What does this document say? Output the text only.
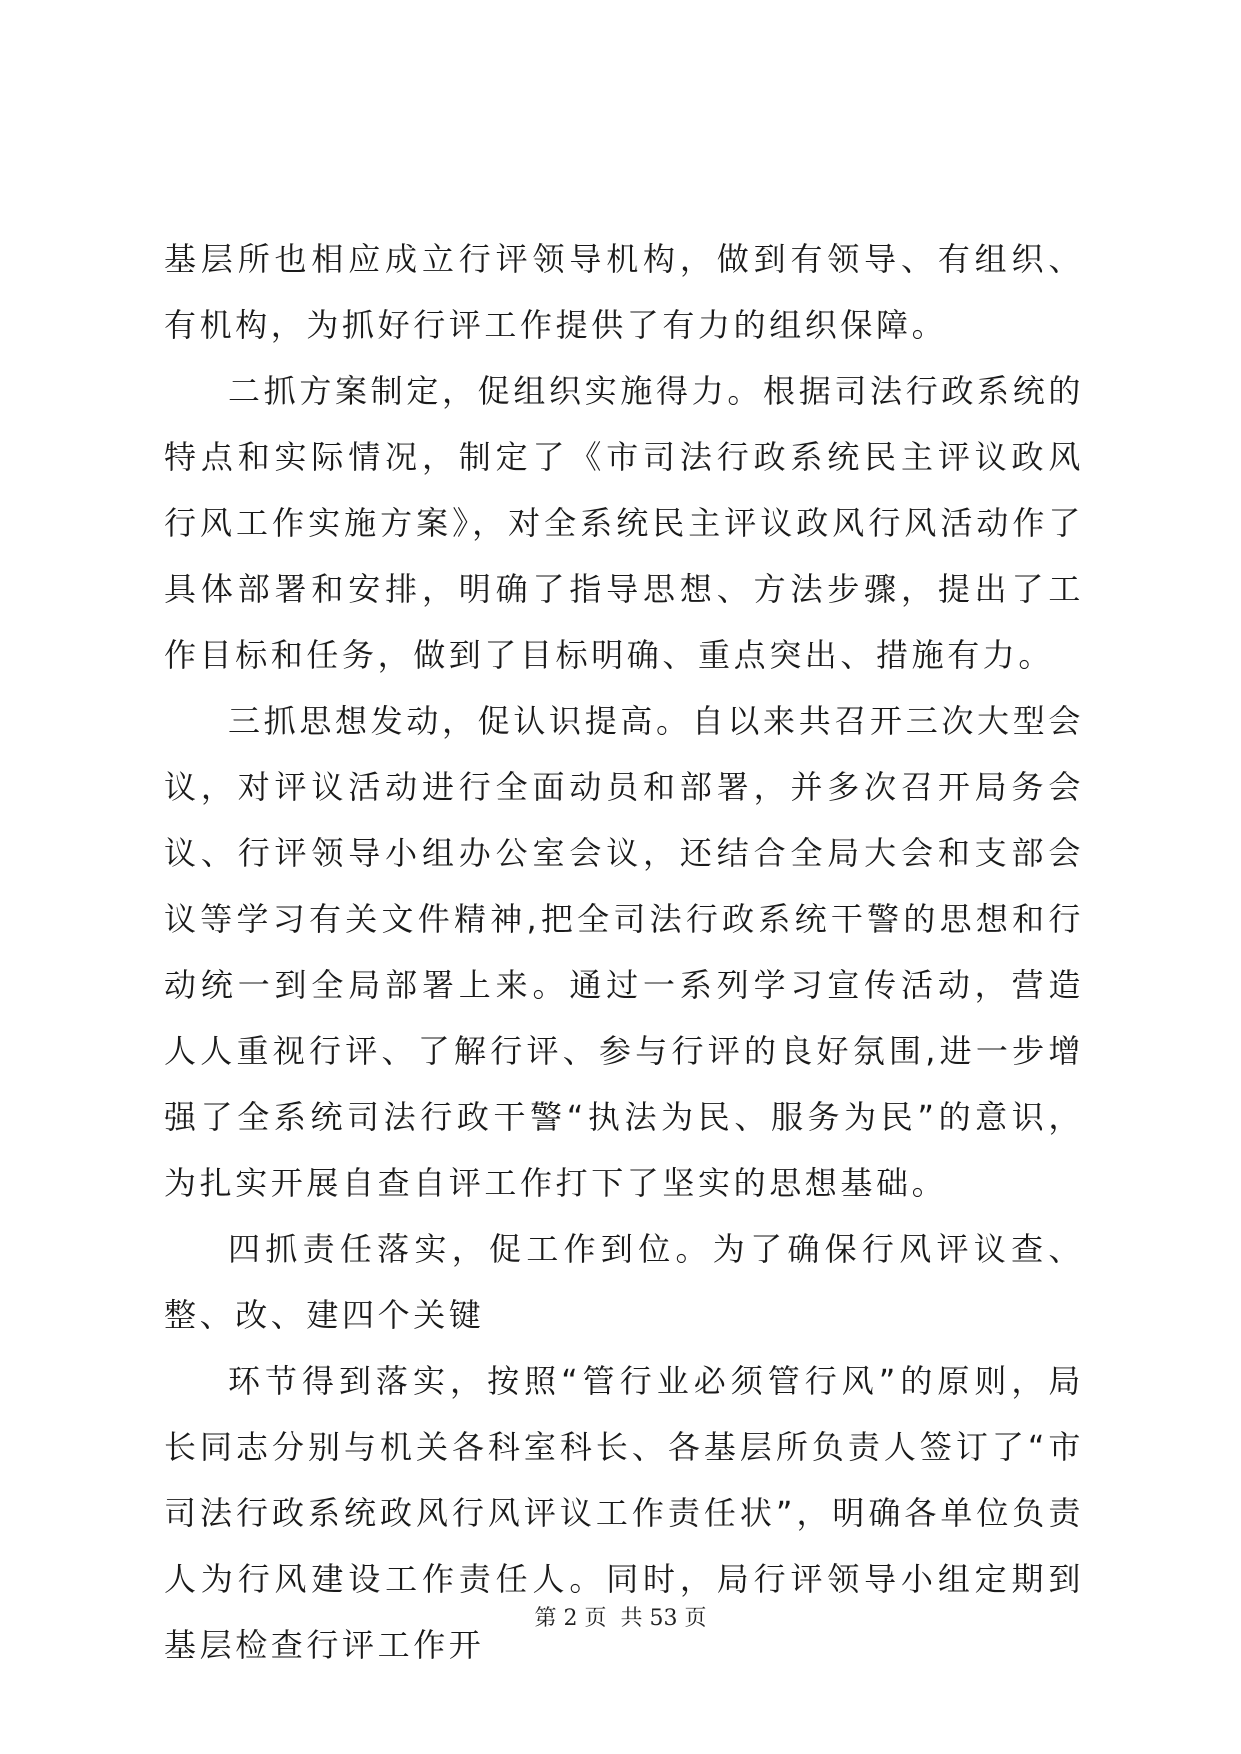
基层所也相应成立行评领导机构，做到有领导、有组织、有机构，为抓好行评工作提供了有力的组织保障。

二抓方案制定，促组织实施得力。根据司法行政系统的特点和实际情况，制定了《市司法行政系统民主评议政风行风工作实施方案》，对全系统民主评议政风行风活动作了具体部署和安排，明确了指导思想、方法步骤，提出了工作目标和任务，做到了目标明确、重点突出、措施有力。

三抓思想发动，促认识提高。自以来共召开三次大型会议，对评议活动进行全面动员和部署，并多次召开局务会议、行评领导小组办公室会议，还结合全局大会和支部会议等学习有关文件精神,把全司法行政系统干警的思想和行动统一到全局部署上来。通过一系列学习宣传活动，营造人人重视行评、了解行评、参与行评的良好氛围,进一步增强了全系统司法行政干警“执法为民、服务为民”的意识，为扎实开展自查自评工作打下了坚实的思想基础。

四抓责任落实，促工作到位。为了确保行风评议查、整、改、建四个关键

环节得到落实，按照“管行业必须管行风”的原则，局长同志分别与机关各科室科长、各基层所负责人签订了“市司法行政系统政风行风评议工作责任状”，明确各单位负责人为行风建设工作责任人。同时，局行评领导小组定期到基层检查行评工作开

第 2 页  共 53 页
